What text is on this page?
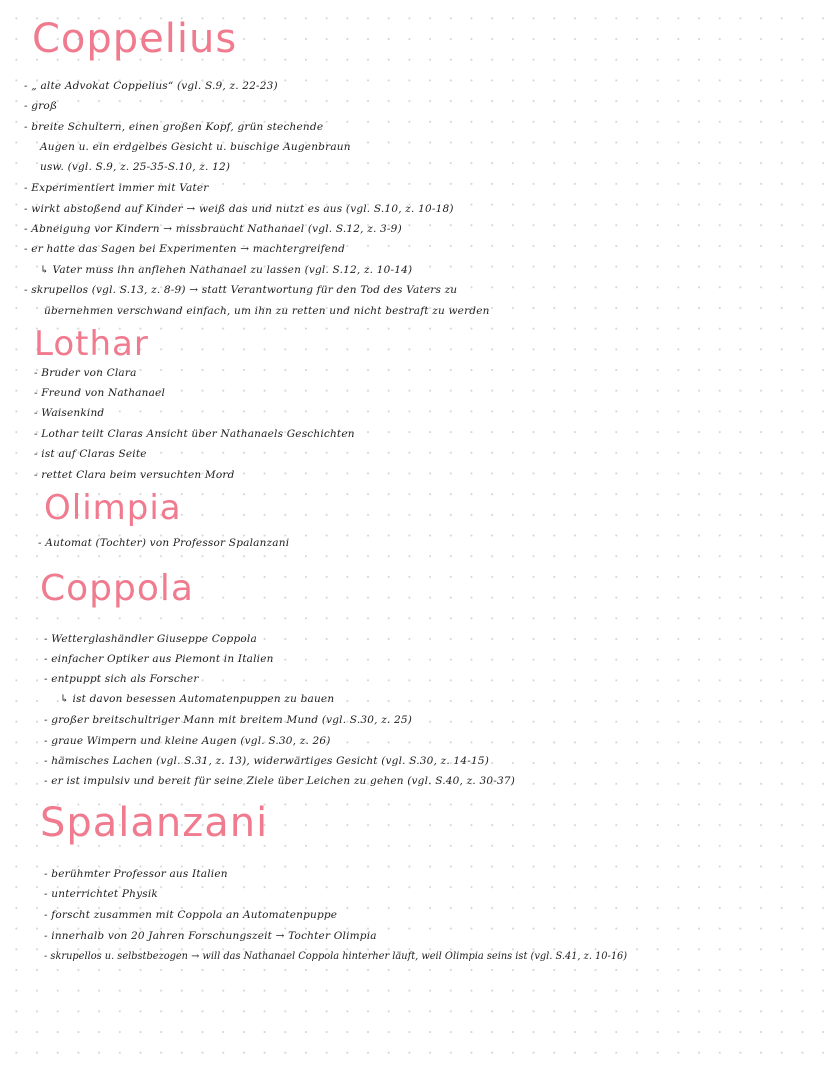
Coppelius
- „ alte Advokat Coppelius“ (vgl. S.9, z. 22-23)
- groß
- breite Schultern, einen großen Kopf, grün stechende
Augen u. ein erdgelbes Gesicht u. buschige Augenbraun
usw. (vgl. S.9, z. 25-35-S.10, z. 12)
- Experimentiert immer mit Vater
- wirkt abstoßend auf Kinder → weiß das und nutzt es aus (vgl. S.10, z. 10-18)
- Abneigung vor Kindern → missbraucht Nathanael (vgl. S.12, z. 3-9)
- er hatte das Sagen bei Experimenten → machtergreifend
↳ Vater muss ihn anflehen Nathanael zu lassen (vgl. S.12, z. 10-14)
- skrupellos (vgl. S.13, z. 8-9) → statt Verantwortung für den Tod des Vaters zu
übernehmen verschwand einfach, um ihn zu retten und nicht bestraft zu werden
Lothar
- Bruder von Clara
- Freund von Nathanael
- Waisenkind
- Lothar teilt Claras Ansicht über Nathanaels Geschichten
- ist auf Claras Seite
- rettet Clara beim versuchten Mord
Olimpia
- Automat (Tochter) von Professor Spalanzani
Coppola
- Wetterglashändler Giuseppe Coppola
- einfacher Optiker aus Piemont in Italien
- entpuppt sich als Forscher
↳ ist davon besessen Automatenpuppen zu bauen
- großer breitschultriger Mann mit breitem Mund (vgl. S.30, z. 25)
- graue Wimpern und kleine Augen (vgl. S.30, z. 26)
- hämisches Lachen (vgl. S.31, z. 13), widerwärtiges Gesicht (vgl. S.30, z. 14-15)
- er ist impulsiv und bereit für seine Ziele über Leichen zu gehen (vgl. S.40, z. 30-37)
Spalanzani
- berühmter Professor aus Italien
- unterrichtet Physik
- forscht zusammen mit Coppola an Automatenpuppe
- innerhalb von 20 Jahren Forschungszeit → Tochter Olimpia
- skrupellos u. selbstbezogen → will das Nathanael Coppola hinterher läuft, weil Olimpia seins ist (vgl. S.41, z. 10-16)
